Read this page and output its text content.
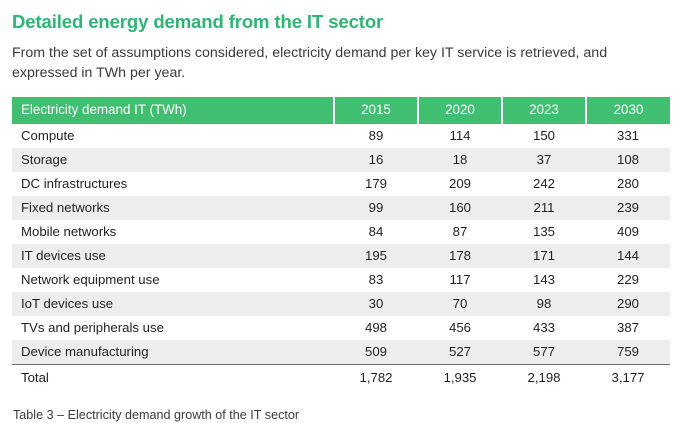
Detailed energy demand from the IT sector

From the set of assumptions considered, electricity demand per key IT service is retrieved, and expressed in TWh per year.

Electricity demand IT (TWh)	2015	2020	2023	2030
Compute	89	114	150	331
Storage	16	18	37	108
DC infrastructures	179	209	242	280
Fixed networks	99	160	211	239
Mobile networks	84	87	135	409
IT devices use	195	178	171	144
Network equipment use	83	117	143	229
IoT devices use	30	70	98	290
TVs and peripherals use	498	456	433	387
Device manufacturing	509	527	577	759
Total	1,782	1,935	2,198	3,177
Table 3 – Electricity demand growth of the IT sector
